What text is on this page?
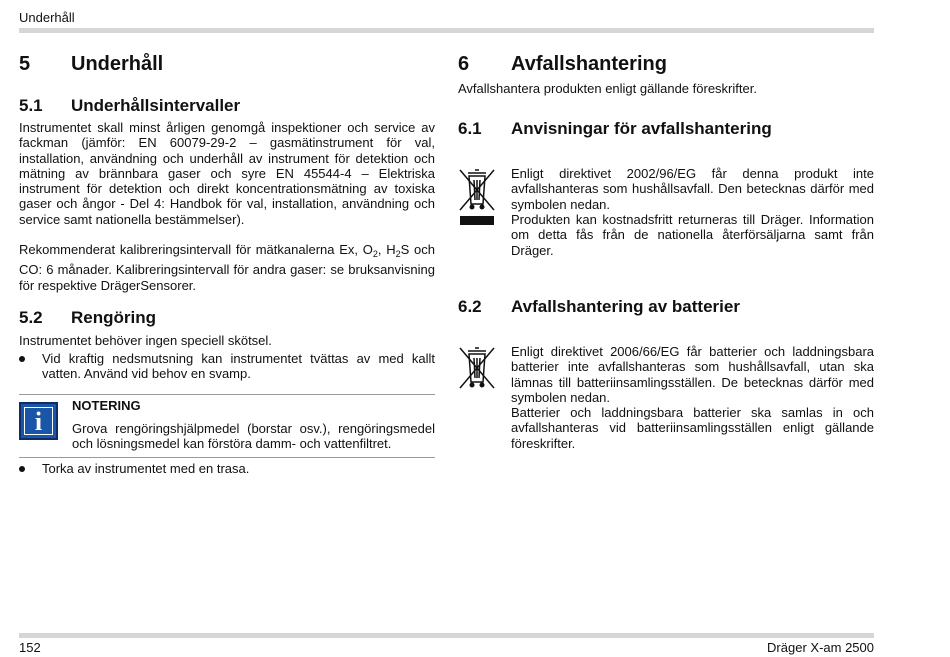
Underhåll
5 Underhåll
5.1 Underhållsintervaller
Instrumentet skall minst årligen genomgå inspektioner och service av fackman (jämför: EN 60079-29-2 – gasmätinstrument för val, installation, användning och underhåll av instrument för detektion och mätning av brännbara gaser och syre EN 45544-4 – Elektriska instrument för detektion och direkt koncentrationsmätning av toxiska gaser och ångor - Del 4: Handbok för val, installation, användning och service samt nationella bestämmelser).
Rekommenderat kalibreringsintervall för mätkanalerna Ex, $O_2$, $H_2S$ och CO: 6 månader. Kalibreringsintervall för andra gaser: se bruksanvisning för respektive DrägerSensorer.
5.2 Rengöring
Instrumentet behöver ingen speciell skötsel.
Vid kraftig nedsmutsning kan instrumentet tvättas av med kallt vatten. Använd vid behov en svamp.
i
NOTERING
Grova rengöringshjälpmedel (borstar osv.), rengöringsmedel och lösningsmedel kan förstöra damm- och vattenfiltret.
Torka av instrumentet med en trasa.
6 Avfallshantering
Avfallshantera produkten enligt gällande föreskrifter.
6.1 Anvisningar för avfallshantering
Enligt direktivet 2002/96/EG får denna produkt inte avfallshanteras som hushållsavfall. Den betecknas därför med symbolen nedan.
Produkten kan kostnadsfritt returneras till Dräger. Information om detta fås från de nationella återförsäljarna samt från Dräger.
6.2 Avfallshantering av batterier
Enligt direktivet 2006/66/EG får batterier och laddningsbara batterier inte avfallshanteras som hushållsavfall, utan ska lämnas till batteriinsamlingsställen. De betecknas därför med symbolen nedan.
Batterier och laddningsbara batterier ska samlas in och avfallshanteras vid batteriinsamlingsställen enligt gällande föreskrifter.
152	Dräger X-am 2500
